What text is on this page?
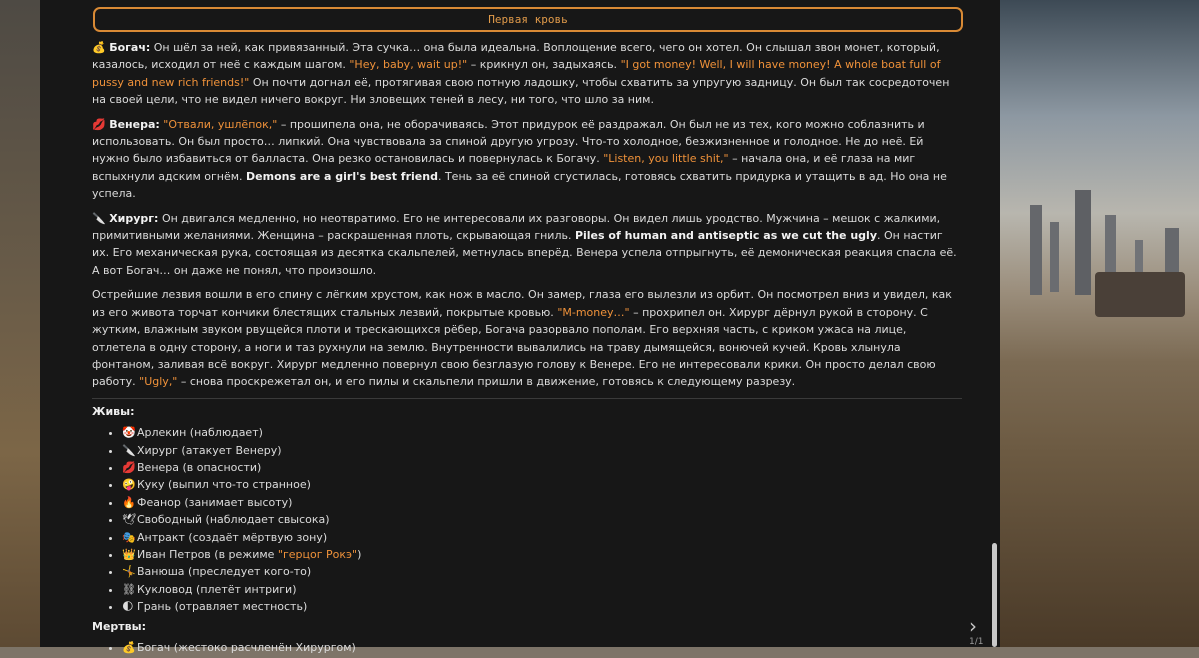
Первая кровь

💰 Богач: Он шёл за ней, как привязанный. Эта сучка… она была идеальна. Воплощение всего, чего он хотел. Он слышал звон монет, который, казалось, исходил от неё с каждым шагом. "Hey, baby, wait up!" – крикнул он, задыхаясь. "I got money! Well, I will have money! A whole boat full of pussy and new rich friends!" Он почти догнал её, протягивая свою потную ладошку, чтобы схватить за упругую задницу. Он был так сосредоточен на своей цели, что не видел ничего вокруг. Ни зловещих теней в лесу, ни того, что шло за ним.

💋 Венера: "Отвали, ушлёпок," – прошипела она, не оборачиваясь. Этот придурок её раздражал. Он был не из тех, кого можно соблазнить и использовать. Он был просто… липкий. Она чувствовала за спиной другую угрозу. Что-то холодное, безжизненное и голодное. Не до неё. Ей нужно было избавиться от балласта. Она резко остановилась и повернулась к Богачу. "Listen, you little shit," – начала она, и её глаза на миг вспыхнули адским огнём. Demons are a girl's best friend. Тень за её спиной сгустилась, готовясь схватить придурка и утащить в ад. Но она не успела.

🔪 Хирург: Он двигался медленно, но неотвратимо. Его не интересовали их разговоры. Он видел лишь уродство. Мужчина – мешок с жалкими, примитивными желаниями. Женщина – раскрашенная плоть, скрывающая гниль. Piles of human and antiseptic as we cut the ugly. Он настиг их. Его механическая рука, состоящая из десятка скальпелей, метнулась вперёд. Венера успела отпрыгнуть, её демоническая реакция спасла её. А вот Богач… он даже не понял, что произошло.

Острейшие лезвия вошли в его спину с лёгким хрустом, как нож в масло. Он замер, глаза его вылезли из орбит. Он посмотрел вниз и увидел, как из его живота торчат кончики блестящих стальных лезвий, покрытые кровью. "M-money…" – прохрипел он. Хирург дёрнул рукой в сторону. С жутким, влажным звуком рвущейся плоти и трескающихся рёбер, Богача разорвало пополам. Его верхняя часть, с криком ужаса на лице, отлетела в одну сторону, а ноги и таз рухнули на землю. Внутренности вывалились на траву дымящейся, вонючей кучей. Кровь хлынула фонтаном, заливая всё вокруг. Хирург медленно повернул свою безглазую голову к Венере. Его не интересовали крики. Он просто делал свою работу. "Ugly," – снова проскрежетал он, и его пилы и скальпели пришли в движение, готовясь к следующему разрезу.

Живы:
• 🤡Арлекин (наблюдает)
• 🔪Хирург (атакует Венеру)
• 💋Венера (в опасности)
• 🤪Куку (выпил что-то странное)
• 🔥Феанор (занимает высоту)
• 🕊Свободный (наблюдает свысока)
• 🎭Антракт (создаёт мёртвую зону)
• 👑Иван Петров (в режиме "герцог Рокэ")
• 🤸Ванюша (преследует кого-то)
• ⛓Кукловод (плетёт интриги)
• 🌓 Грань (отравляет местность)
Мертвы:
• 💰Богач (жестоко расчленён Хирургом)
›
1/1
